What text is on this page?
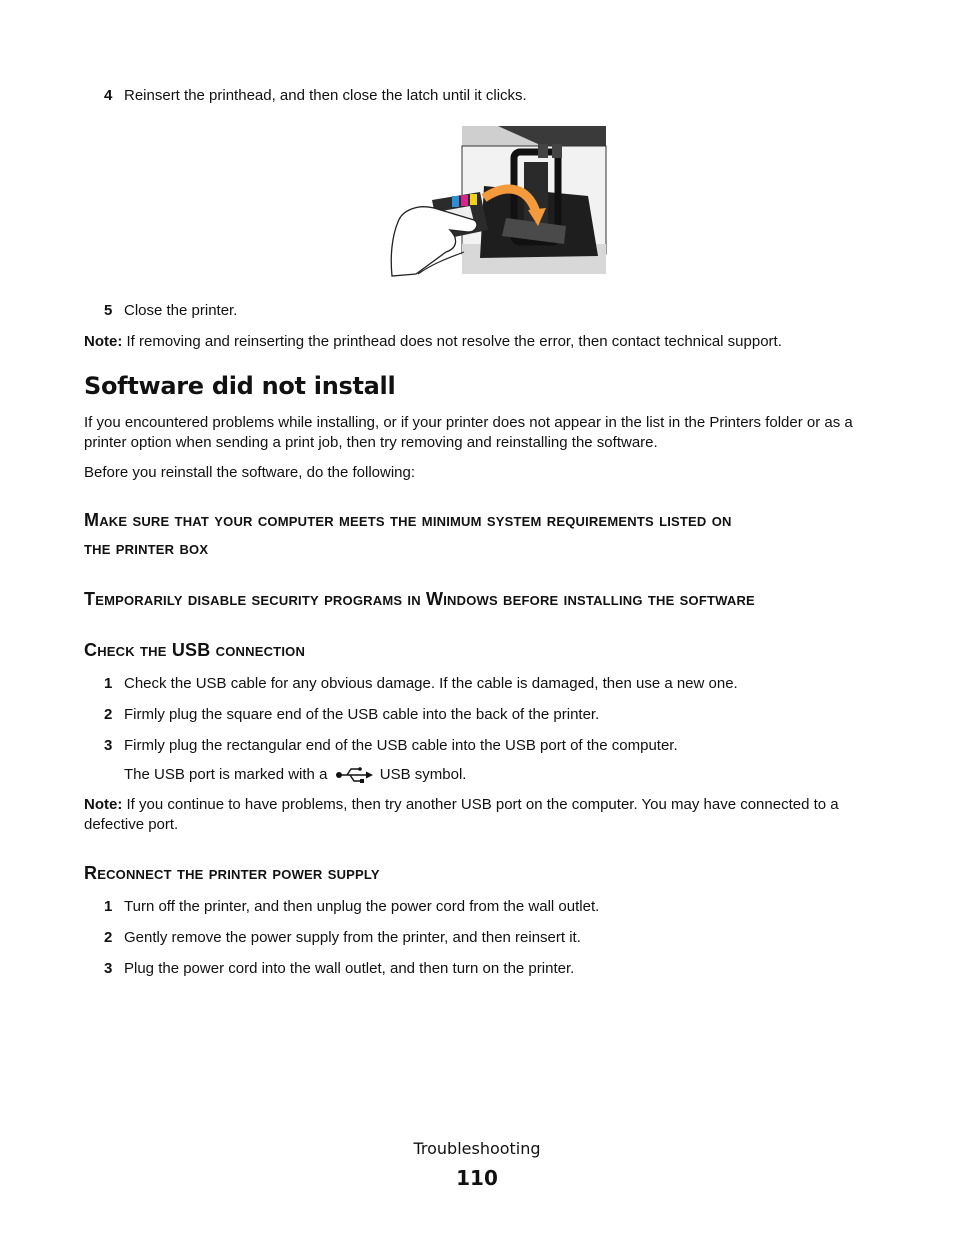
4 Reinsert the printhead, and then close the latch until it clicks.
5 Close the printer.
Note: If removing and reinserting the printhead does not resolve the error, then contact technical support.
Software did not install
If you encountered problems while installing, or if your printer does not appear in the list in the Printers folder or as a printer option when sending a print job, then try removing and reinstalling the software.
Before you reinstall the software, do the following:
Make sure that your computer meets the minimum system requirements listed on
the printer box
Temporarily disable security programs in Windows before installing the software
Check the USB connection
1 Check the USB cable for any obvious damage. If the cable is damaged, then use a new one.
2 Firmly plug the square end of the USB cable into the back of the printer.
3 Firmly plug the rectangular end of the USB cable into the USB port of the computer.
The USB port is marked with a	USB symbol.
Note: If you continue to have problems, then try another USB port on the computer. You may have connected to a defective port.
Reconnect the printer power supply
1 Turn off the printer, and then unplug the power cord from the wall outlet.
2 Gently remove the power supply from the printer, and then reinsert it.
3 Plug the power cord into the wall outlet, and then turn on the printer.
Troubleshooting
110
